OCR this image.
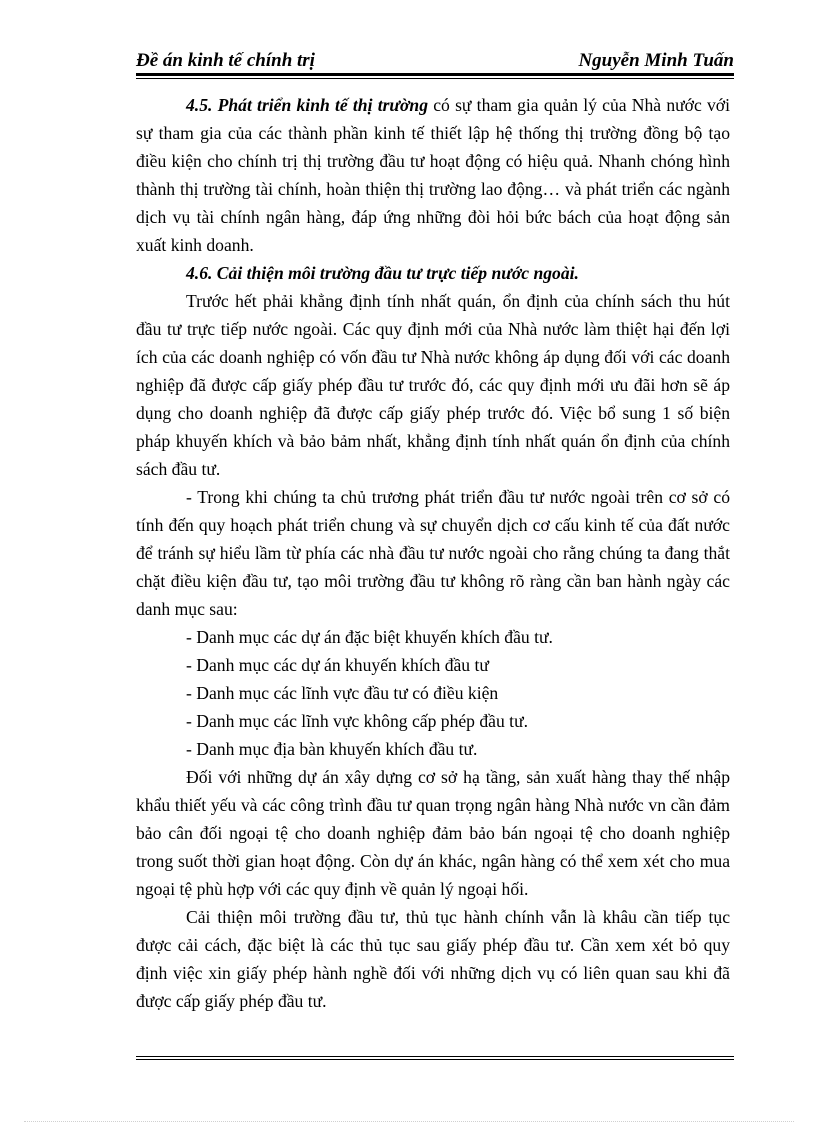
Đề án kinh tế chính trị	Nguyễn Minh Tuấn

4.5. Phát triển kinh tế thị trường có sự tham gia quản lý của Nhà nước với sự tham gia của các thành phần kinh tế thiết lập hệ thống thị trường đồng bộ tạo điều kiện cho chính trị thị trường đầu tư hoạt động có hiệu quả. Nhanh chóng hình thành thị trường tài chính, hoàn thiện thị trường lao động… và phát triển các ngành dịch vụ tài chính ngân hàng, đáp ứng những đòi hỏi bức bách của hoạt động sản xuất kinh doanh.

4.6. Cải thiện môi trường đầu tư trực tiếp nước ngoài.

Trước hết phải khẳng định tính nhất quán, ổn định của chính sách thu hút đầu tư trực tiếp nước ngoài. Các quy định mới của Nhà nước làm thiệt hại đến lợi ích của các doanh nghiệp có vốn đầu tư Nhà nước không áp dụng đối với các doanh nghiệp đã được cấp giấy phép đầu tư trước đó, các quy định mới ưu đãi hơn sẽ áp dụng cho doanh nghiệp đã được cấp giấy phép trước đó. Việc bổ sung 1 số biện pháp khuyến khích và bảo bảm nhất, khẳng định tính nhất quán ổn định của chính sách đầu tư.

- Trong khi chúng ta chủ trương phát triển đầu tư nước ngoài trên cơ sở có tính đến quy hoạch phát triển chung và sự chuyển dịch cơ cấu kinh tế của đất nước để tránh sự hiểu lầm từ phía các nhà đầu tư nước ngoài cho rằng chúng ta đang thắt chặt điều kiện đầu tư, tạo môi trường đầu tư không rõ ràng cần ban hành ngày các danh mục sau:

- Danh mục các dự án đặc biệt khuyến khích đầu tư.

- Danh mục các dự án khuyến khích đầu tư

- Danh mục các lĩnh vực đầu tư có điều kiện

- Danh mục các lĩnh vực không cấp phép đầu tư.

- Danh mục địa bàn khuyến khích đầu tư.

Đối với những dự án xây dựng cơ sở hạ tầng, sản xuất hàng thay thế nhập khẩu thiết yếu và các công trình đầu tư quan trọng ngân hàng Nhà nước vn cần đảm bảo cân đối ngoại tệ cho doanh nghiệp đảm bảo bán ngoại tệ cho doanh nghiệp trong suốt thời gian hoạt động. Còn dự án khác, ngân hàng có thể xem xét cho mua ngoại tệ phù hợp với các quy định về quản lý ngoại hối.

Cải thiện môi trường đầu tư, thủ tục hành chính vẫn là khâu cần tiếp tục được cải cách, đặc biệt là các thủ tục sau giấy phép đầu tư. Cần xem xét bỏ quy định việc xin giấy phép hành nghề đối với những dịch vụ có liên quan sau khi đã được cấp giấy phép đầu tư.
